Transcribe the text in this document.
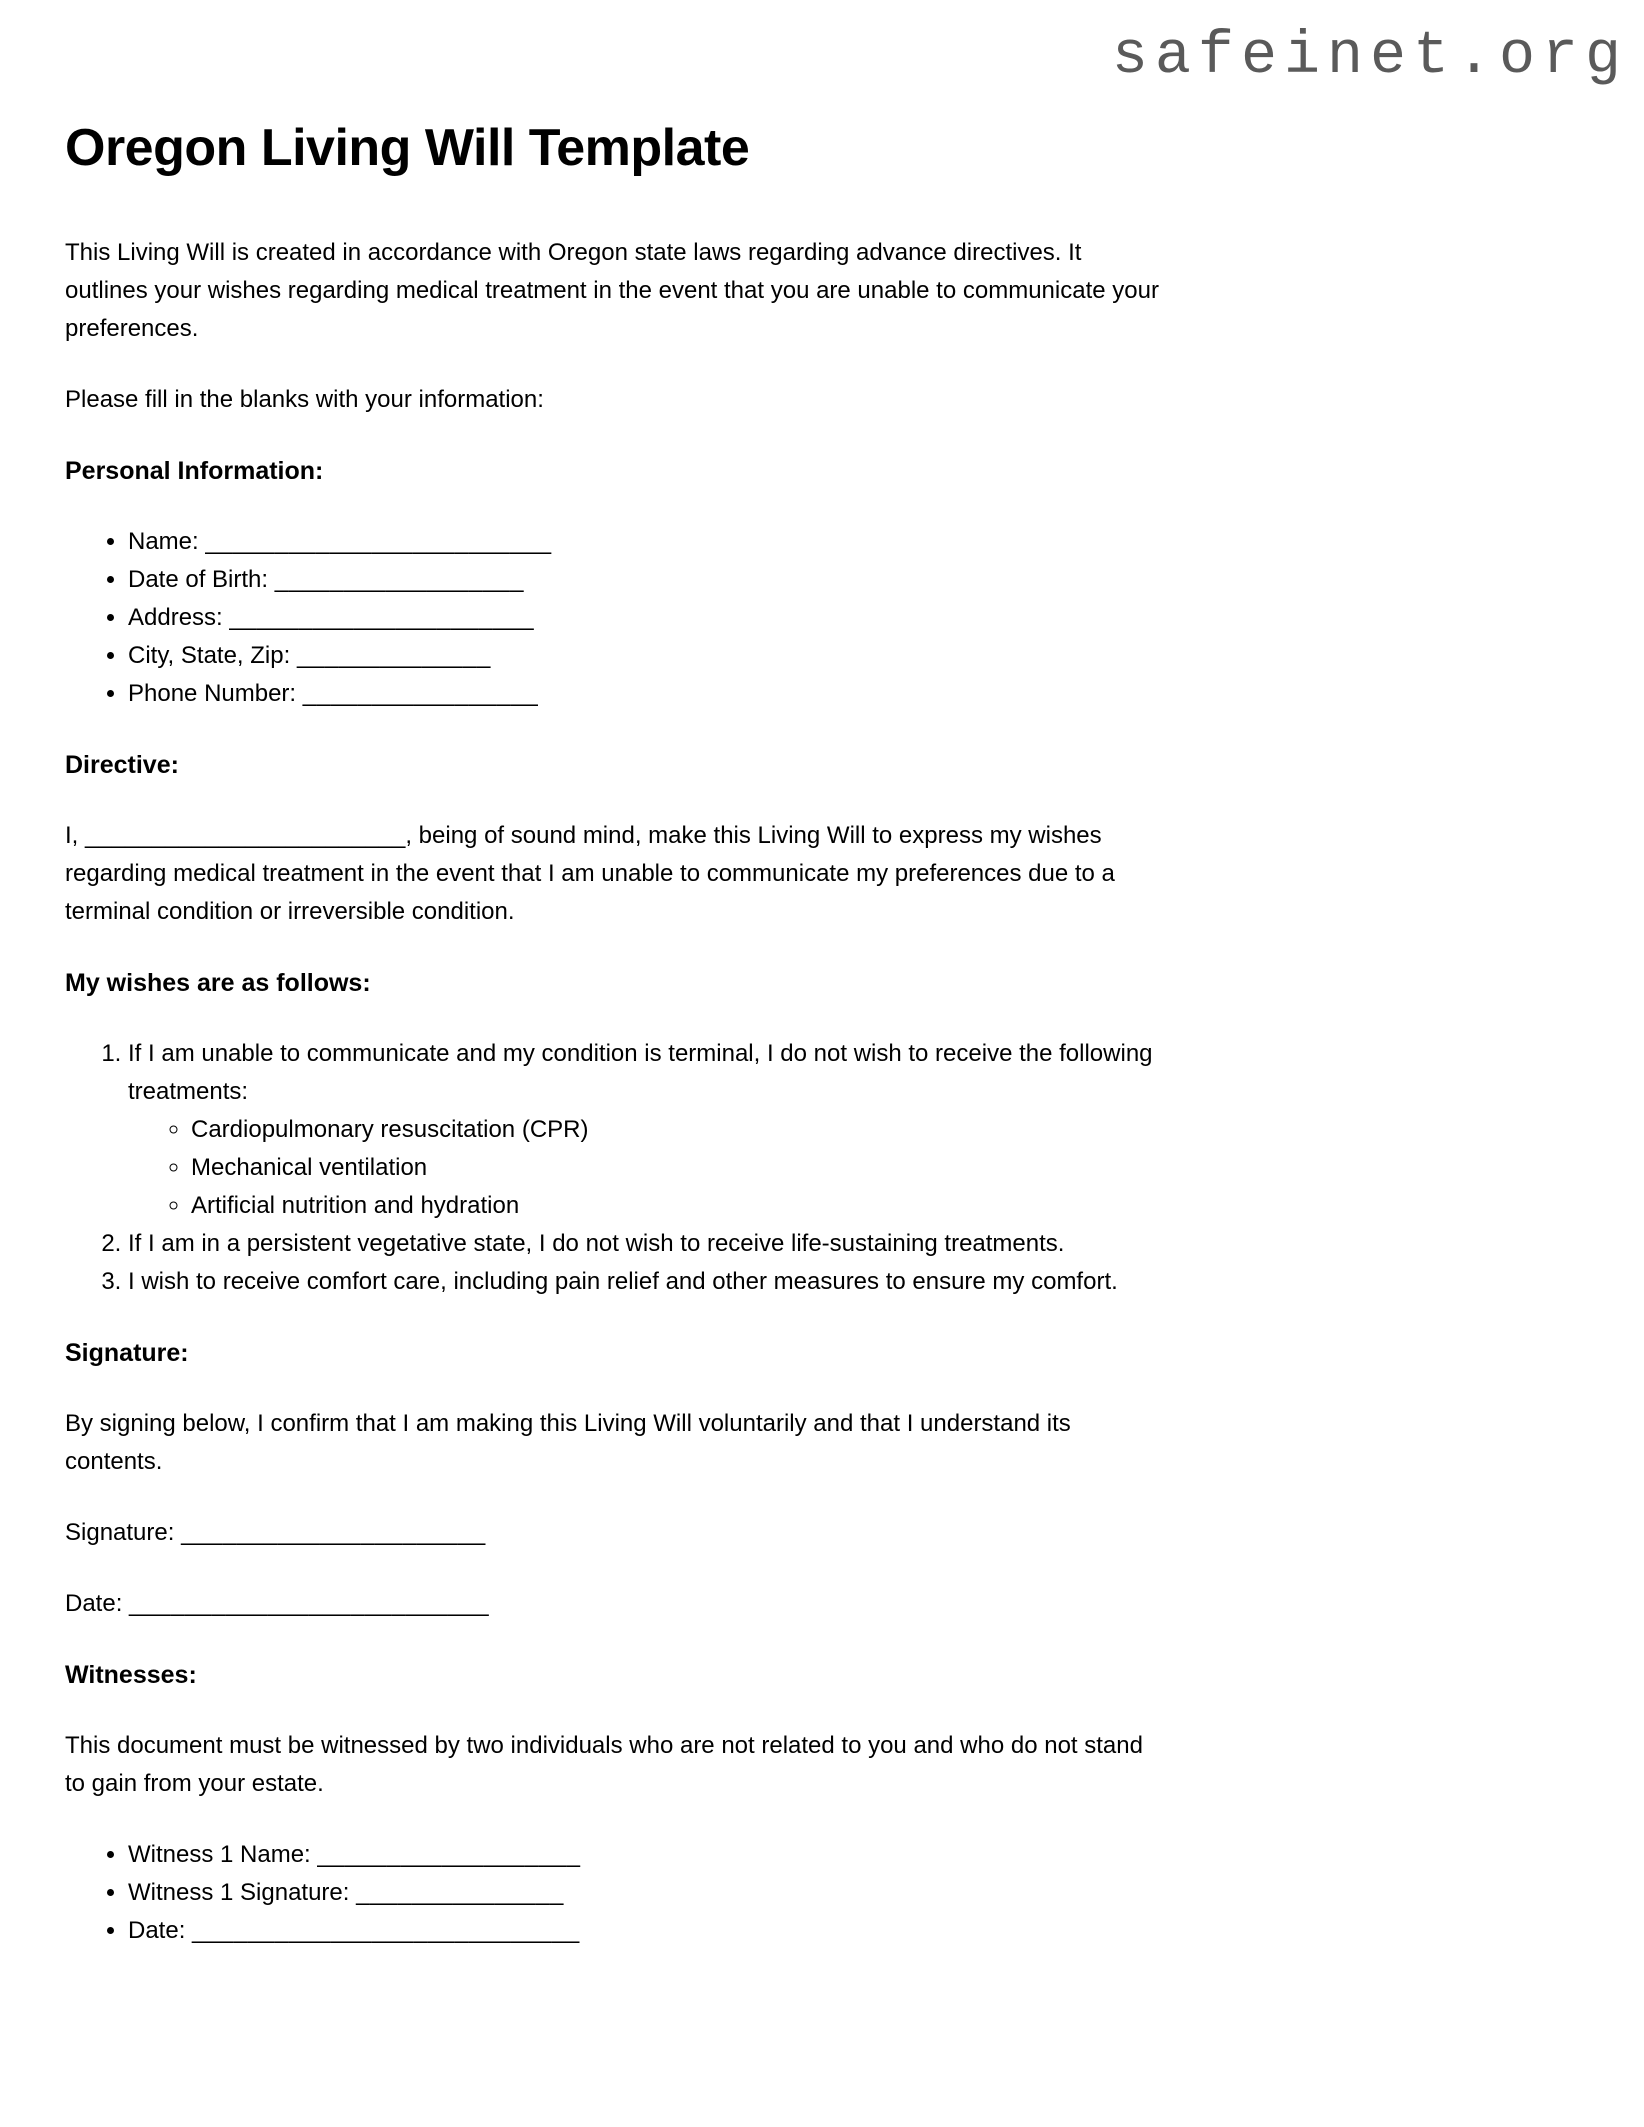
safeinet.org
Oregon Living Will Template

This Living Will is created in accordance with Oregon state laws regarding advance directives. It outlines your wishes regarding medical treatment in the event that you are unable to communicate your preferences.

Please fill in the blanks with your information:

Personal Information:
• Name: _________________________
• Date of Birth: __________________
• Address: ______________________
• City, State, Zip: ______________
• Phone Number: _________________
Directive:

I, ________________________, being of sound mind, make this Living Will to express my wishes regarding medical treatment in the event that I am unable to communicate my preferences due to a terminal condition or irreversible condition.

My wishes are as follows:
1. If I am unable to communicate and my condition is terminal, I do not wish to receive the following treatments:
◦ Cardiopulmonary resuscitation (CPR)
◦ Mechanical ventilation
◦ Artificial nutrition and hydration
2. If I am in a persistent vegetative state, I do not wish to receive life-sustaining treatments.
3. I wish to receive comfort care, including pain relief and other measures to ensure my comfort.
Signature:

By signing below, I confirm that I am making this Living Will voluntarily and that I understand its contents.

Signature: ______________________

Date: __________________________

Witnesses:

This document must be witnessed by two individuals who are not related to you and who do not stand to gain from your estate.

• Witness 1 Name: ___________________
• Witness 1 Signature: _______________
• Date: ____________________________
